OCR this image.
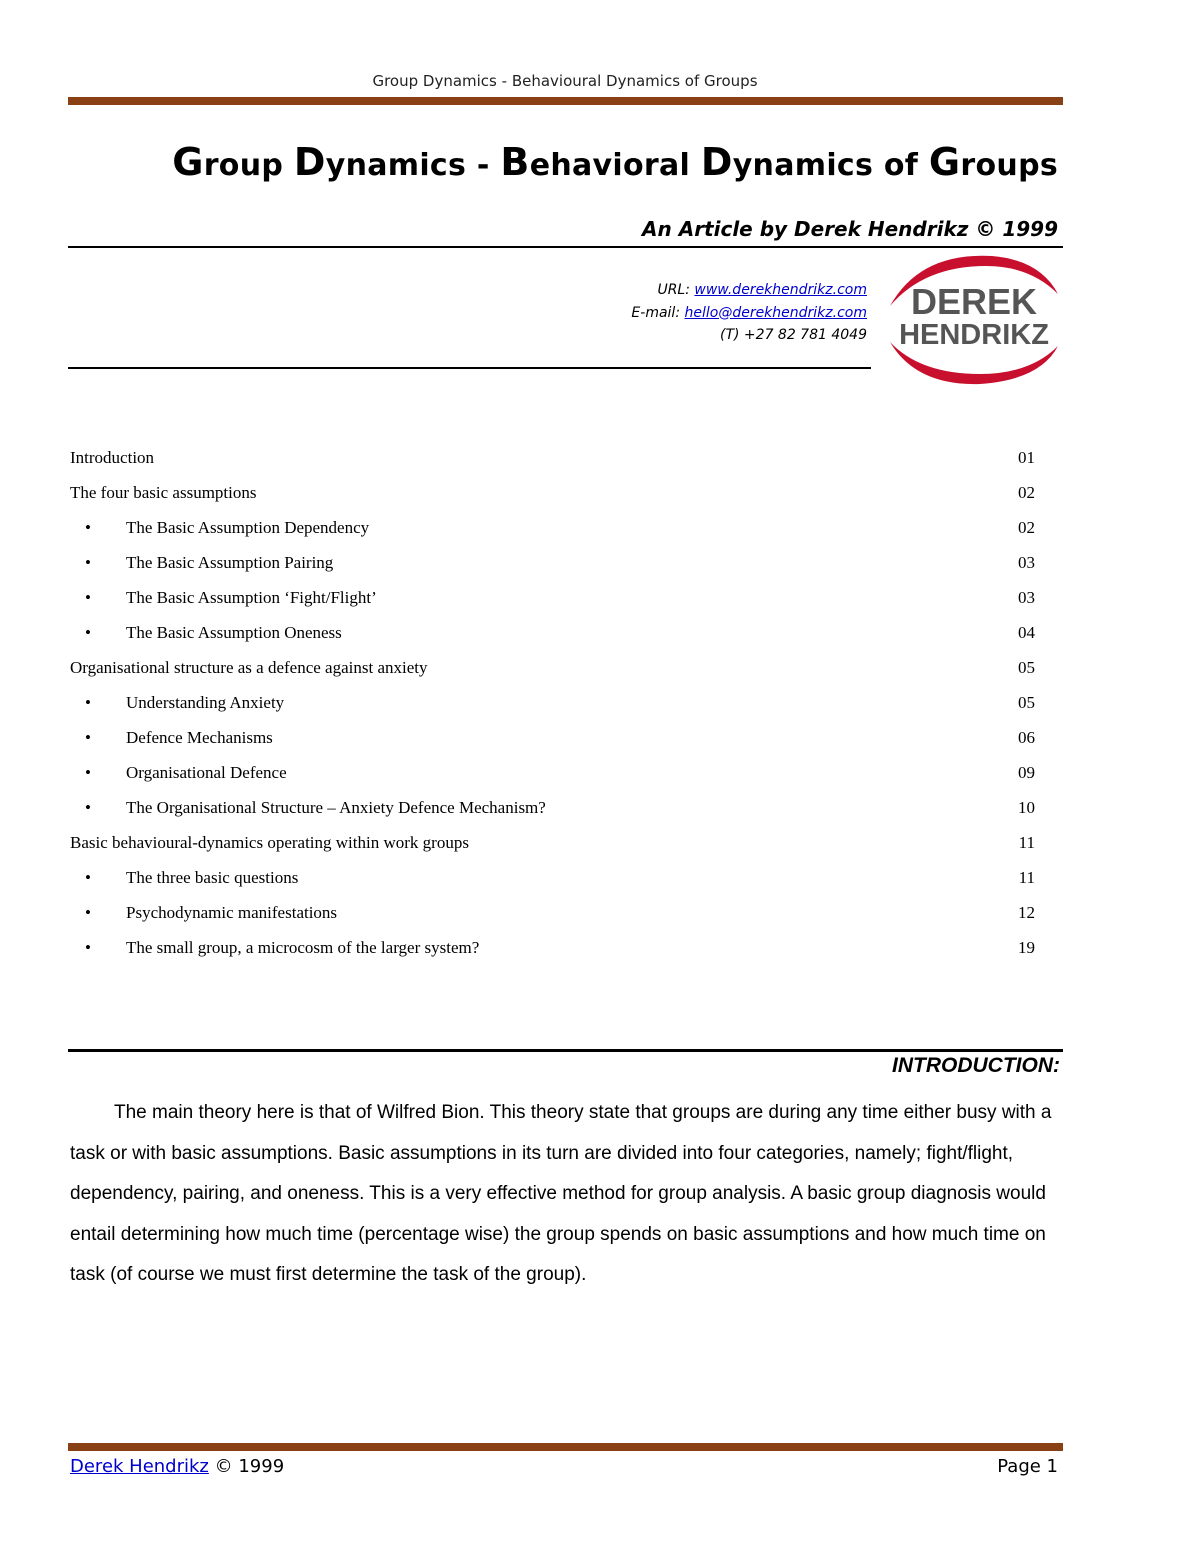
Group Dynamics - Behavioural Dynamics of Groups
Group Dynamics - Behavioral Dynamics of Groups
An Article by Derek Hendrikz © 1999
URL: www.derekhendrikz.com
E-mail: hello@derekhendrikz.com
(T) +27 82 781 4049
DEREK
HENDRIKZ
Introduction	01
The four basic assumptions	02
•	The Basic Assumption Dependency	02
•	The Basic Assumption Pairing	03
•	The Basic Assumption ‘Fight/Flight’	03
•	The Basic Assumption Oneness	04
Organisational structure as a defence against anxiety	05
•	Understanding Anxiety	05
•	Defence Mechanisms	06
•	Organisational Defence	09
•	The Organisational Structure – Anxiety Defence Mechanism?	10
Basic behavioural-dynamics operating within work groups	11
•	The three basic questions	11
•	Psychodynamic manifestations	12
•	The small group, a microcosm of the larger system?	19
INTRODUCTION:
The main theory here is that of Wilfred Bion. This theory state that groups are during any time either busy with a task or with basic assumptions. Basic assumptions in its turn are divided into four categories, namely; fight/flight, dependency, pairing, and oneness. This is a very effective method for group analysis. A basic group diagnosis would entail determining how much time (percentage wise) the group spends on basic assumptions and how much time on task (of course we must first determine the task of the group).
Derek Hendrikz © 1999	Page 1
